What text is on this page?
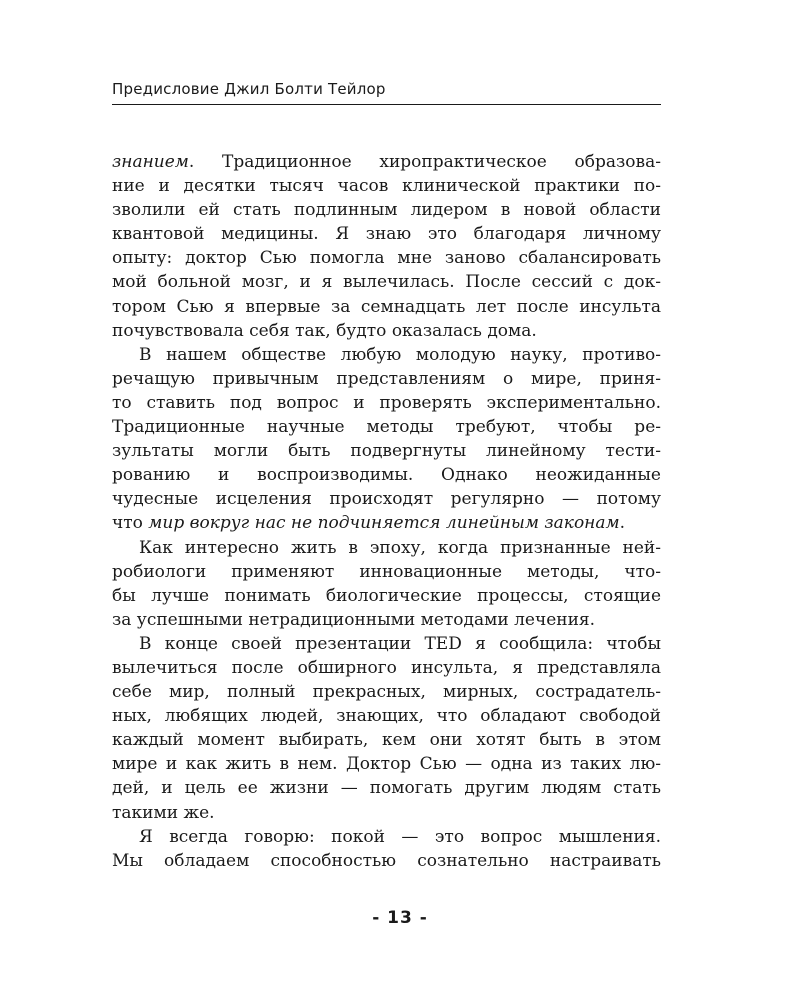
Предисловие Джил Болти Тейлор
знанием. Традиционное хиропрактическое образова-
ние и десятки тысяч часов клинической практики по-
зволили ей стать подлинным лидером в новой области
квантовой медицины. Я знаю это благодаря личному
опыту: доктор Сью помогла мне заново сбалансировать
мой больной мозг, и я вылечилась. После сессий с док-
тором Сью я впервые за семнадцать лет после инсульта
почувствовала себя так, будто оказалась дома.
В нашем обществе любую молодую науку, противо-
речащую привычным представлениям о мире, приня-
то ставить под вопрос и проверять экспериментально.
Традиционные научные методы требуют, чтобы ре-
зультаты могли быть подвергнуты линейному тести-
рованию и воспроизводимы. Однако неожиданные
чудесные исцеления происходят регулярно — потому
что мир вокруг нас не подчиняется линейным законам.
Как интересно жить в эпоху, когда признанные ней-
робиологи применяют инновационные методы, что-
бы лучше понимать биологические процессы, стоящие
за успешными нетрадиционными методами лечения.
В конце своей презентации TED я сообщила: чтобы
вылечиться после обширного инсульта, я представляла
себе мир, полный прекрасных, мирных, сострадатель-
ных, любящих людей, знающих, что обладают свободой
каждый момент выбирать, кем они хотят быть в этом
мире и как жить в нем. Доктор Сью — одна из таких лю-
дей, и цель ее жизни — помогать другим людям стать
такими же.
Я всегда говорю: покой — это вопрос мышления.
Мы обладаем способностью сознательно настраивать
- 13 -
